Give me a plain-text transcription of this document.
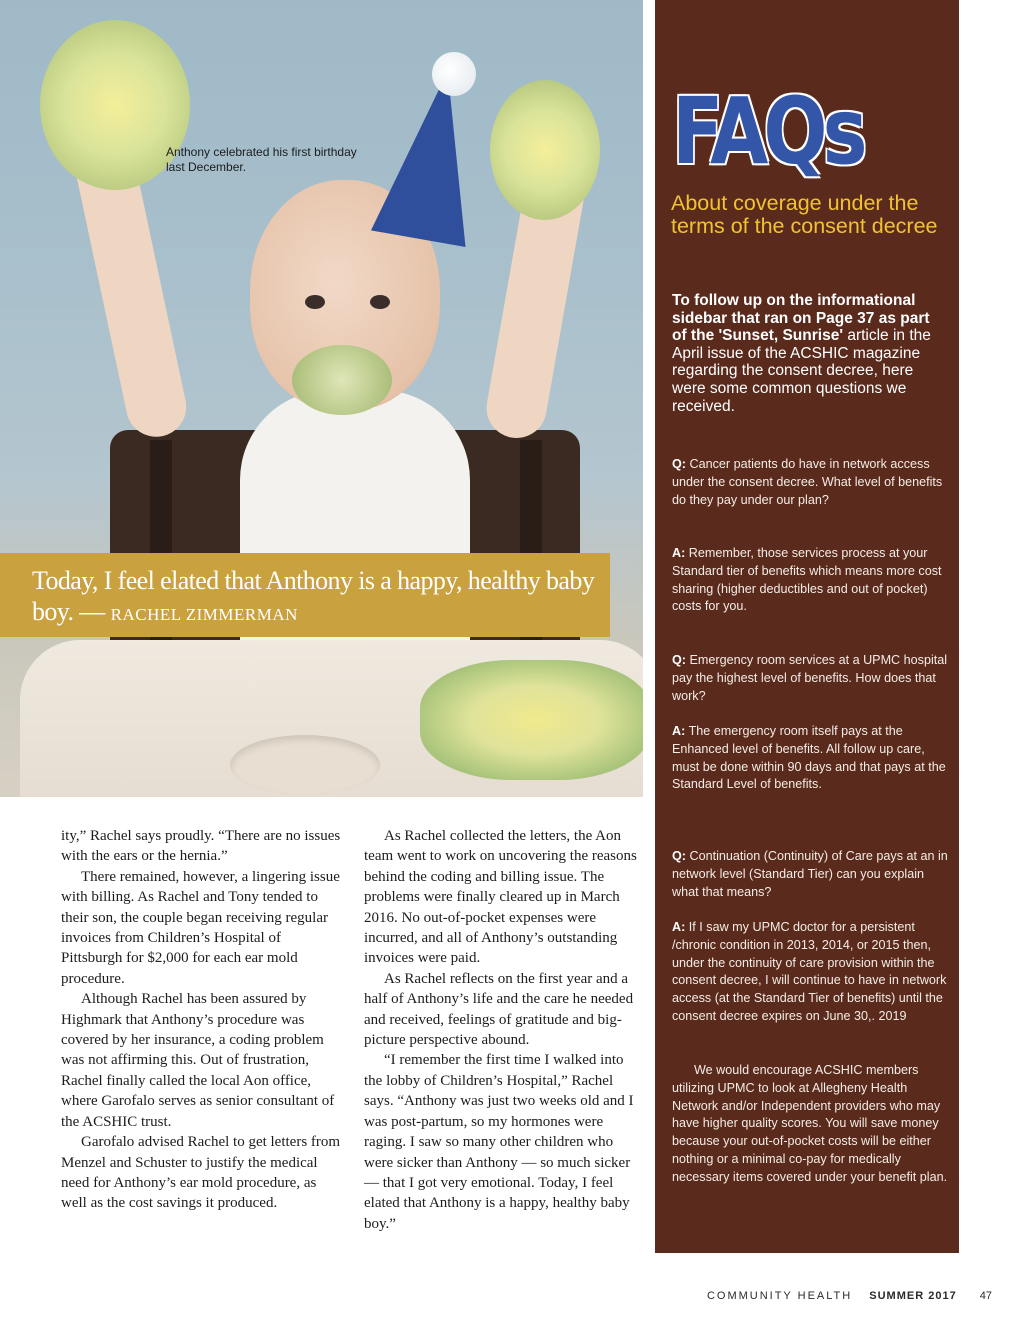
Anthony celebrated his first birthday last December.
Today, I feel elated that Anthony is a happy, healthy baby boy. — RACHEL ZIMMERMAN

ity,” Rachel says proudly. “There are no issues with the ears or the hernia.”

There remained, however, a lingering issue with billing. As Rachel and Tony tended to their son, the couple began receiving regular invoices from Children’s Hospital of Pittsburgh for $2,000 for each ear mold procedure.

Although Rachel has been assured by Highmark that Anthony’s procedure was covered by her insurance, a coding problem was not affirming this. Out of frustration, Rachel finally called the local Aon office, where Garofalo serves as senior consultant of the ACSHIC trust.

Garofalo advised Rachel to get letters from Menzel and Schuster to justify the medical need for Anthony’s ear mold procedure, as well as the cost savings it produced.

As Rachel collected the letters, the Aon team went to work on uncovering the reasons behind the coding and billing issue. The problems were finally cleared up in March 2016. No out-of-pocket expenses were incurred, and all of Anthony’s outstanding invoices were paid.

As Rachel reflects on the first year and a half of Anthony’s life and the care he needed and received, feelings of gratitude and big-picture perspective abound.

“I remember the first time I walked into the lobby of Children’s Hospital,” Rachel says. “Anthony was just two weeks old and I was post-partum, so my hormones were raging. I saw so many other children who were sicker than Anthony — so much sicker — that I got very emotional. Today, I feel elated that Anthony is a happy, healthy baby boy.”

FAQs
About coverage under the terms of the consent decree
To follow up on the informational sidebar that ran on Page 37 as part of the 'Sunset, Sunrise' article in the April issue of the ACSHIC magazine regarding the consent decree, here were some common questions we received.
Q: Cancer patients do have in network access under the consent decree. What level of benefits do they pay under our plan?
A: Remember, those services process at your Standard tier of benefits which means more cost sharing (higher deductibles and out of pocket) costs for you.
Q: Emergency room services at a UPMC hospital pay the highest level of benefits. How does that work?
A: The emergency room itself pays at the Enhanced level of benefits. All follow up care, must be done within 90 days and that pays at the Standard Level of benefits.
Q: Continuation (Continuity) of Care pays at an in network level (Standard Tier) can you explain what that means?
A: If I saw my UPMC doctor for a persistent /chronic condition in 2013, 2014, or 2015 then, under the continuity of care provision within the consent decree, I will continue to have in network access (at the Standard Tier of benefits) until the consent decree expires on June 30,. 2019
We would encourage ACSHIC members utilizing UPMC to look at Allegheny Health Network and/or Independent providers who may have higher quality scores. You will save money because your out-of-pocket costs will be either nothing or a minimal co-pay for medically necessary items covered under your benefit plan.
COMMUNITY HEALTH SUMMER 2017 47
